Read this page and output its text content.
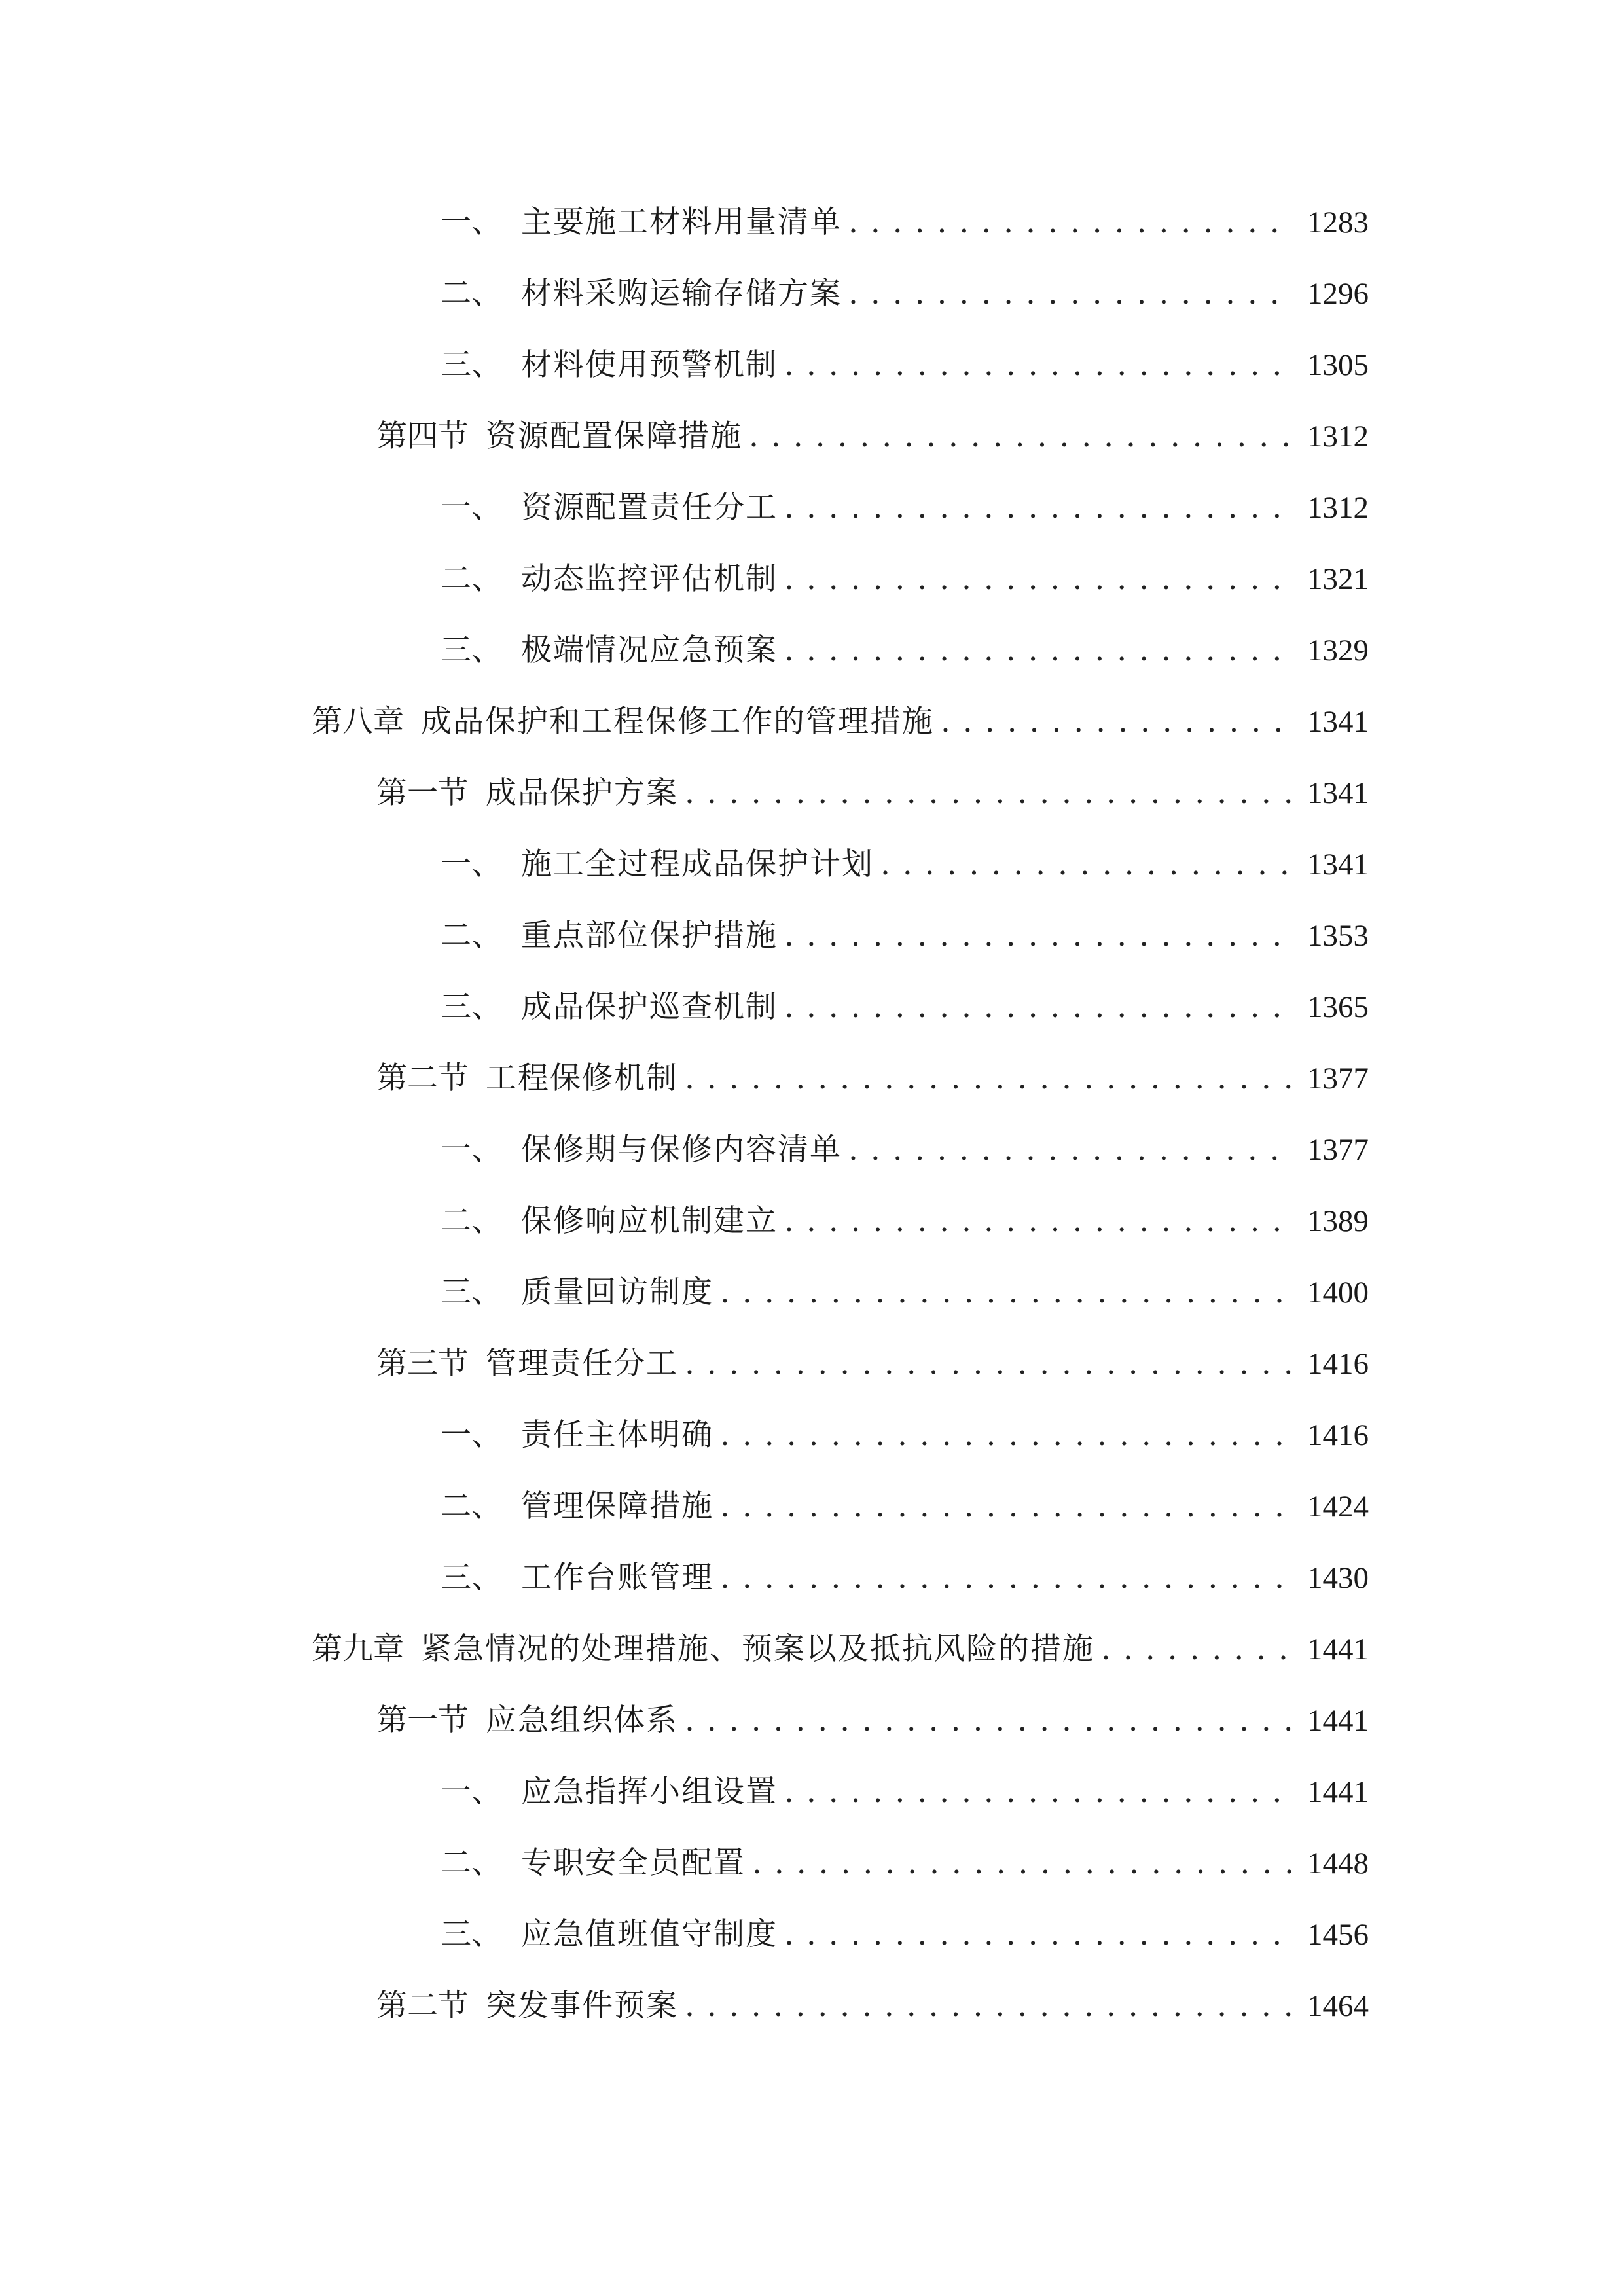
一、 主要施工材料用量清单 . . .	1283
二、 材料采购运输存储方案 . . .	1296
三、 材料使用预警机制 . . .	1305
第四节 资源配置保障措施 . . .	1312
一、 资源配置责任分工 . . .	1312
二、 动态监控评估机制 . . .	1321
三、 极端情况应急预案 . . .	1329
第八章 成品保护和工程保修工作的管理措施 . . .	1341
第一节 成品保护方案 . . .	1341
一、 施工全过程成品保护计划 . . .	1341
二、 重点部位保护措施 . . .	1353
三、 成品保护巡查机制 . . .	1365
第二节 工程保修机制 . . .	1377
一、 保修期与保修内容清单 . . .	1377
二、 保修响应机制建立 . . .	1389
三、 质量回访制度 . . .	1400
第三节 管理责任分工 . . .	1416
一、 责任主体明确 . . .	1416
二、 管理保障措施 . . .	1424
三、 工作台账管理 . . .	1430
第九章 紧急情况的处理措施、预案以及抵抗风险的措施 . . .	1441
第一节 应急组织体系 . . .	1441
一、 应急指挥小组设置 . . .	1441
二、 专职安全员配置 . . .	1448
三、 应急值班值守制度 . . .	1456
第二节 突发事件预案 . . .	1464
